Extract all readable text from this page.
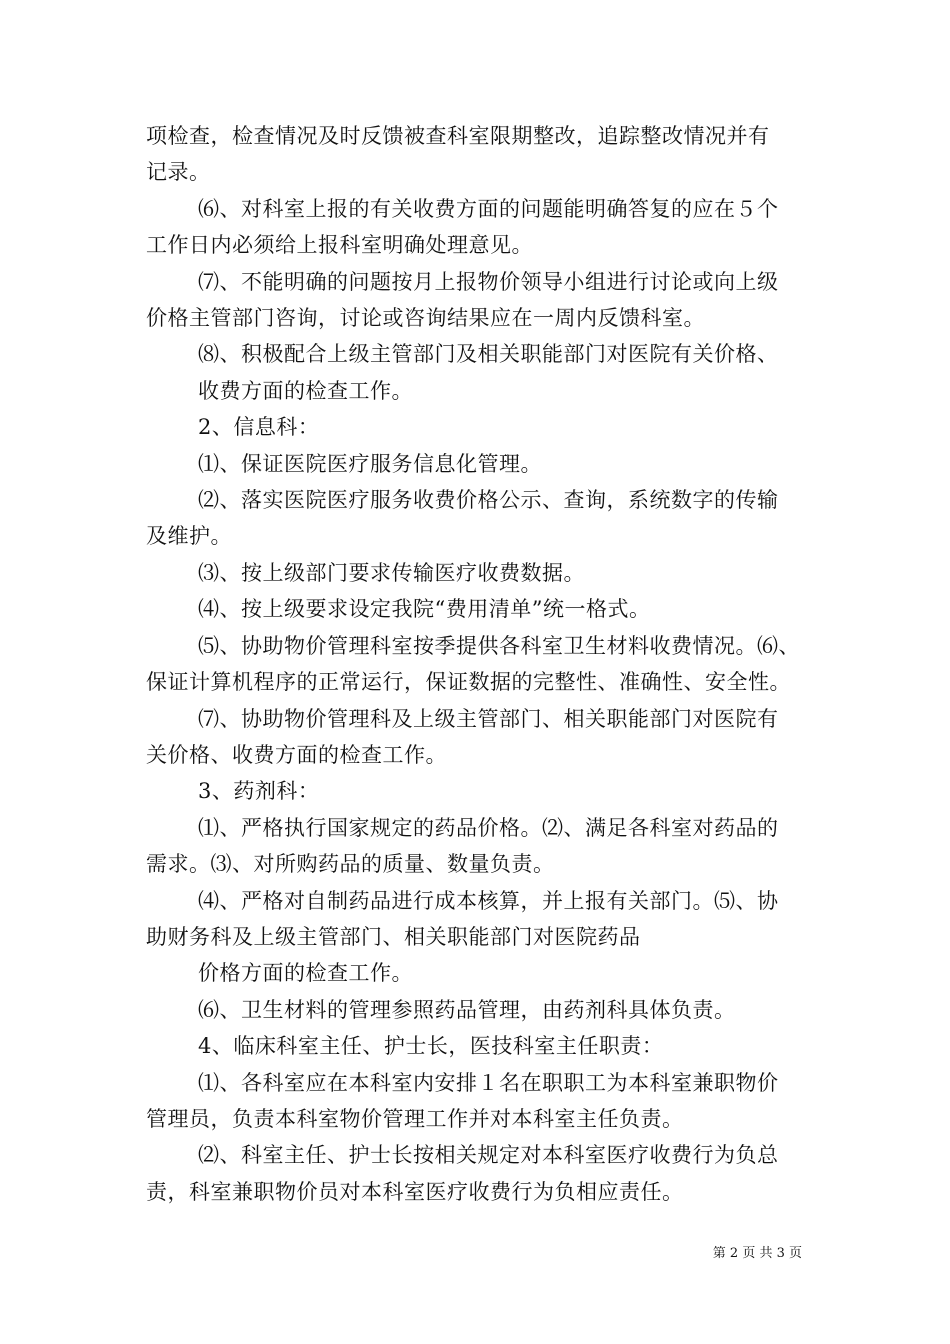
项检查，检查情况及时反馈被查科室限期整改，追踪整改情况并有
记录。
⑹、对科室上报的有关收费方面的问题能明确答复的应在５个
工作日内必须给上报科室明确处理意见。
⑺、不能明确的问题按月上报物价领导小组进行讨论或向上级
价格主管部门咨询，讨论或咨询结果应在一周内反馈科室。
⑻、积极配合上级主管部门及相关职能部门对医院有关价格、
收费方面的检查工作。
2、信息科：
⑴、保证医院医疗服务信息化管理。
⑵、落实医院医疗服务收费价格公示、查询，系统数字的传输
及维护。
⑶、按上级部门要求传输医疗收费数据。
⑷、按上级要求设定我院“费用清单”统一格式。
⑸、协助物价管理科室按季提供各科室卫生材料收费情况。⑹、
保证计算机程序的正常运行，保证数据的完整性、准确性、安全性。
⑺、协助物价管理科及上级主管部门、相关职能部门对医院有
关价格、收费方面的检查工作。
3、药剂科：
⑴、严格执行国家规定的药品价格。⑵、满足各科室对药品的
需求。⑶、对所购药品的质量、数量负责。
⑷、严格对自制药品进行成本核算，并上报有关部门。⑸、协
助财务科及上级主管部门、相关职能部门对医院药品
价格方面的检查工作。
⑹、卫生材料的管理参照药品管理，由药剂科具体负责。
4、临床科室主任、护士长，医技科室主任职责：
⑴、各科室应在本科室内安排１名在职职工为本科室兼职物价
管理员，负责本科室物价管理工作并对本科室主任负责。
⑵、科室主任、护士长按相关规定对本科室医疗收费行为负总
责，科室兼职物价员对本科室医疗收费行为负相应责任。
第 2 页 共 3 页
